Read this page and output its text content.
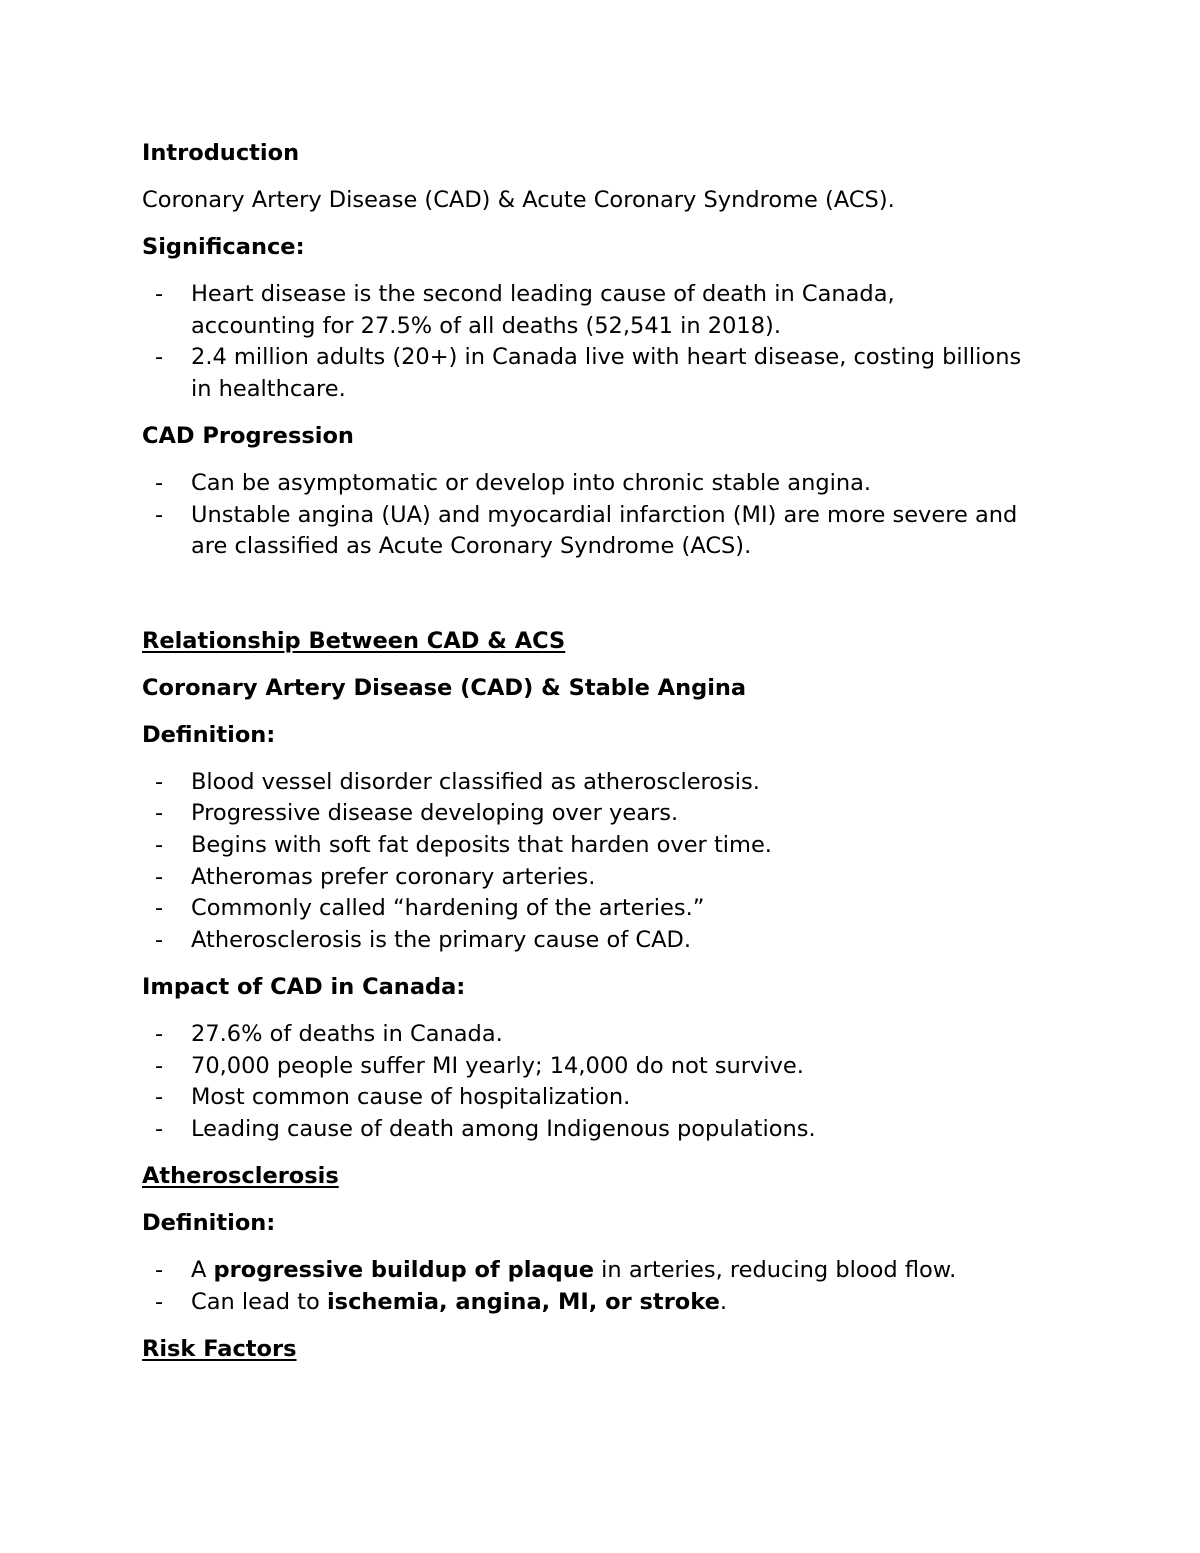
Introduction

Coronary Artery Disease (CAD) & Acute Coronary Syndrome (ACS).

Significance:

- Heart disease is the second leading cause of death in Canada,
accounting for 27.5% of all deaths (52,541 in 2018).
- 2.4 million adults (20+) in Canada live with heart disease, costing billions
in healthcare.

CAD Progression

- Can be asymptomatic or develop into chronic stable angina.
- Unstable angina (UA) and myocardial infarction (MI) are more severe and
are classified as Acute Coronary Syndrome (ACS).

Relationship Between CAD & ACS

Coronary Artery Disease (CAD) & Stable Angina

Definition:

- Blood vessel disorder classified as atherosclerosis.
- Progressive disease developing over years.
- Begins with soft fat deposits that harden over time.
- Atheromas prefer coronary arteries.
- Commonly called “hardening of the arteries.”
- Atherosclerosis is the primary cause of CAD.

Impact of CAD in Canada:

- 27.6% of deaths in Canada.
- 70,000 people suffer MI yearly; 14,000 do not survive.
- Most common cause of hospitalization.
- Leading cause of death among Indigenous populations.

Atherosclerosis

Definition:

- A progressive buildup of plaque in arteries, reducing blood flow.
- Can lead to ischemia, angina, MI, or stroke.

Risk Factors
